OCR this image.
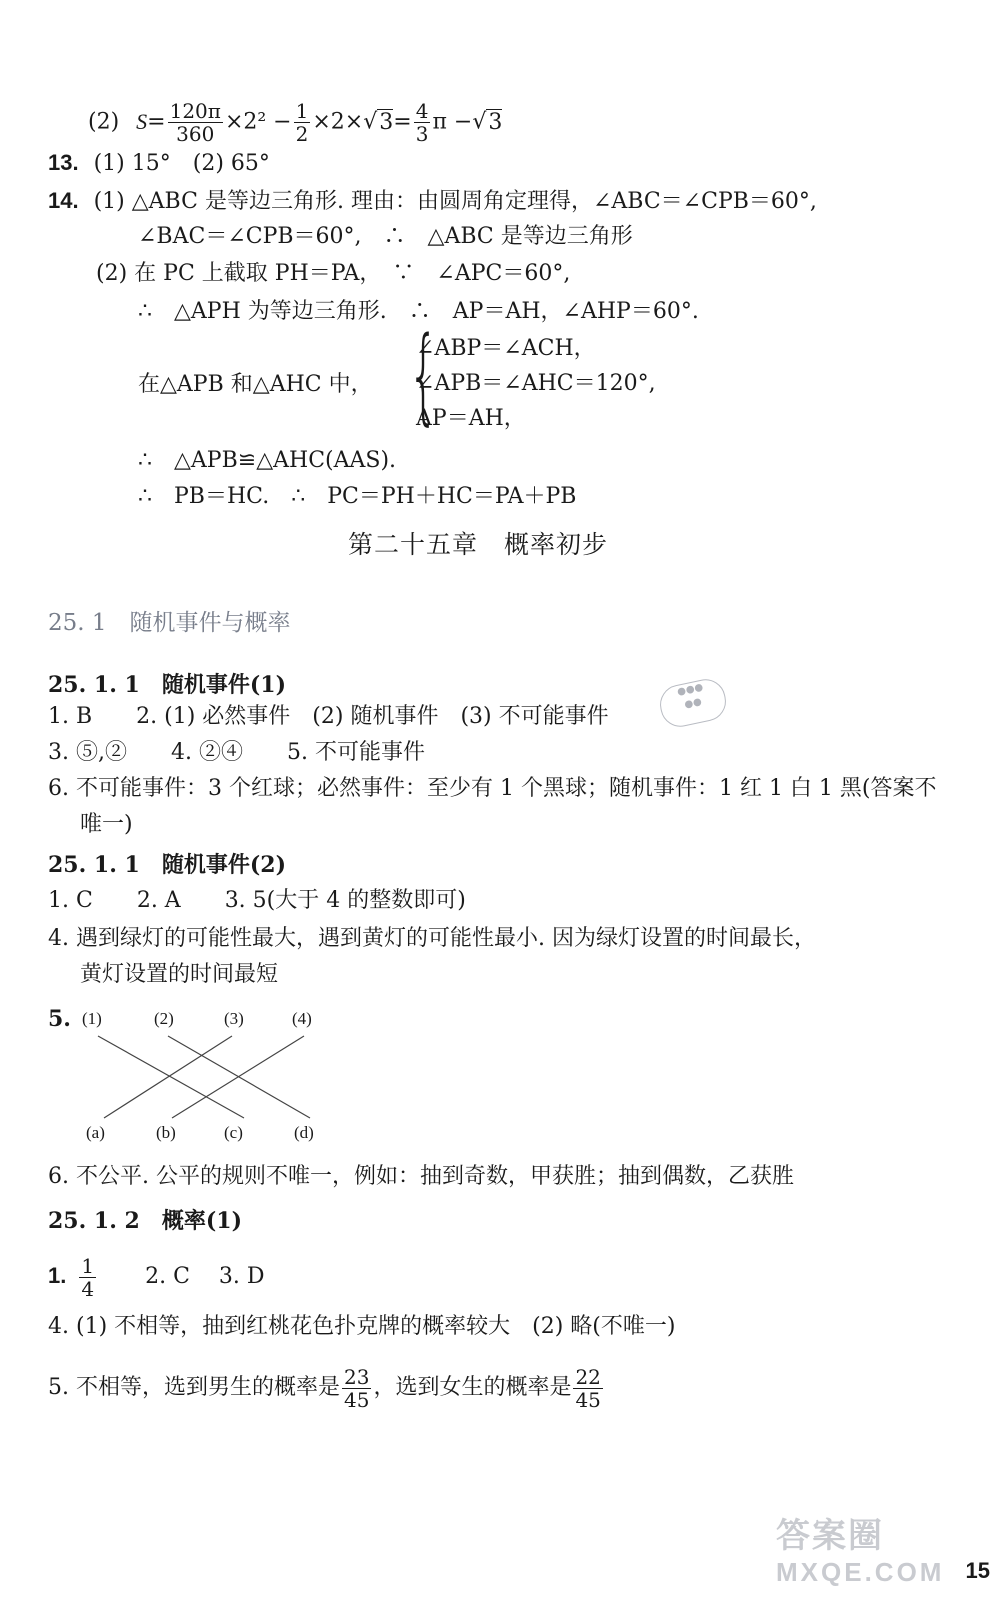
(2) $S= \frac{120\pi}{360} \times 2^2 - \frac{1}{2} \times 2\times√3= \frac{4}{3}$ π −√3
13. (1) 15°　(2) 65°
14. (1) △ABC 是等边三角形. 理由：由圆周角定理得，∠ABC＝∠CPB＝60°,
∠BAC＝∠CPB＝60°,　∴　△ABC 是等边三角形
(2) 在 PC 上截取 PH＝PA，　∵　∠APC＝60°,
∴　△APH 为等边三角形.　∴　AP＝AH，∠AHP＝60°.
在△APB 和△AHC 中， {
∠ABP＝∠ACH，
∠APB＝∠AHC＝120°,
AP＝AH，
∴　△APB≌△AHC(AAS).
∴　PB＝HC.　∴　PC＝PH＋HC＝PA＋PB
第二十五章　概率初步
25. 1　随机事件与概率
25. 1. 1　随机事件(1)
1. B　　2. (1) 必然事件　(2) 随机事件　(3) 不可能事件
●●●
●●
3. ⑤,②　　4. ②④　　5. 不可能事件
6. 不可能事件：3 个红球；必然事件：至少有 1 个黑球；随机事件：1 红 1 白 1 黑(答案不
唯一)
25. 1. 1　随机事件(2)
1. C　　2. A　　3. 5(大于 4 的整数即可)
4. 遇到绿灯的可能性最大，遇到黄灯的可能性最小. 因为绿灯设置的时间最长，
黄灯设置的时间最短
5. (1)	(2)	(3)	(4)
(a)	(b)	(c)	(d)
6. 不公平. 公平的规则不唯一，例如：抽到奇数，甲获胜；抽到偶数，乙获胜
25. 1. 2　概率(1)
1. $\frac{1}{4} 2$. C　 3. D
4. (1) 不相等，抽到红桃花色扑克牌的概率较大　(2) 略(不唯一)
5. 不相等，选到男生的概率是 $\frac{23}{45}$ ，选到女生的概率是 $\frac{22}{45}$
答案圈
MXQE.COM 15
